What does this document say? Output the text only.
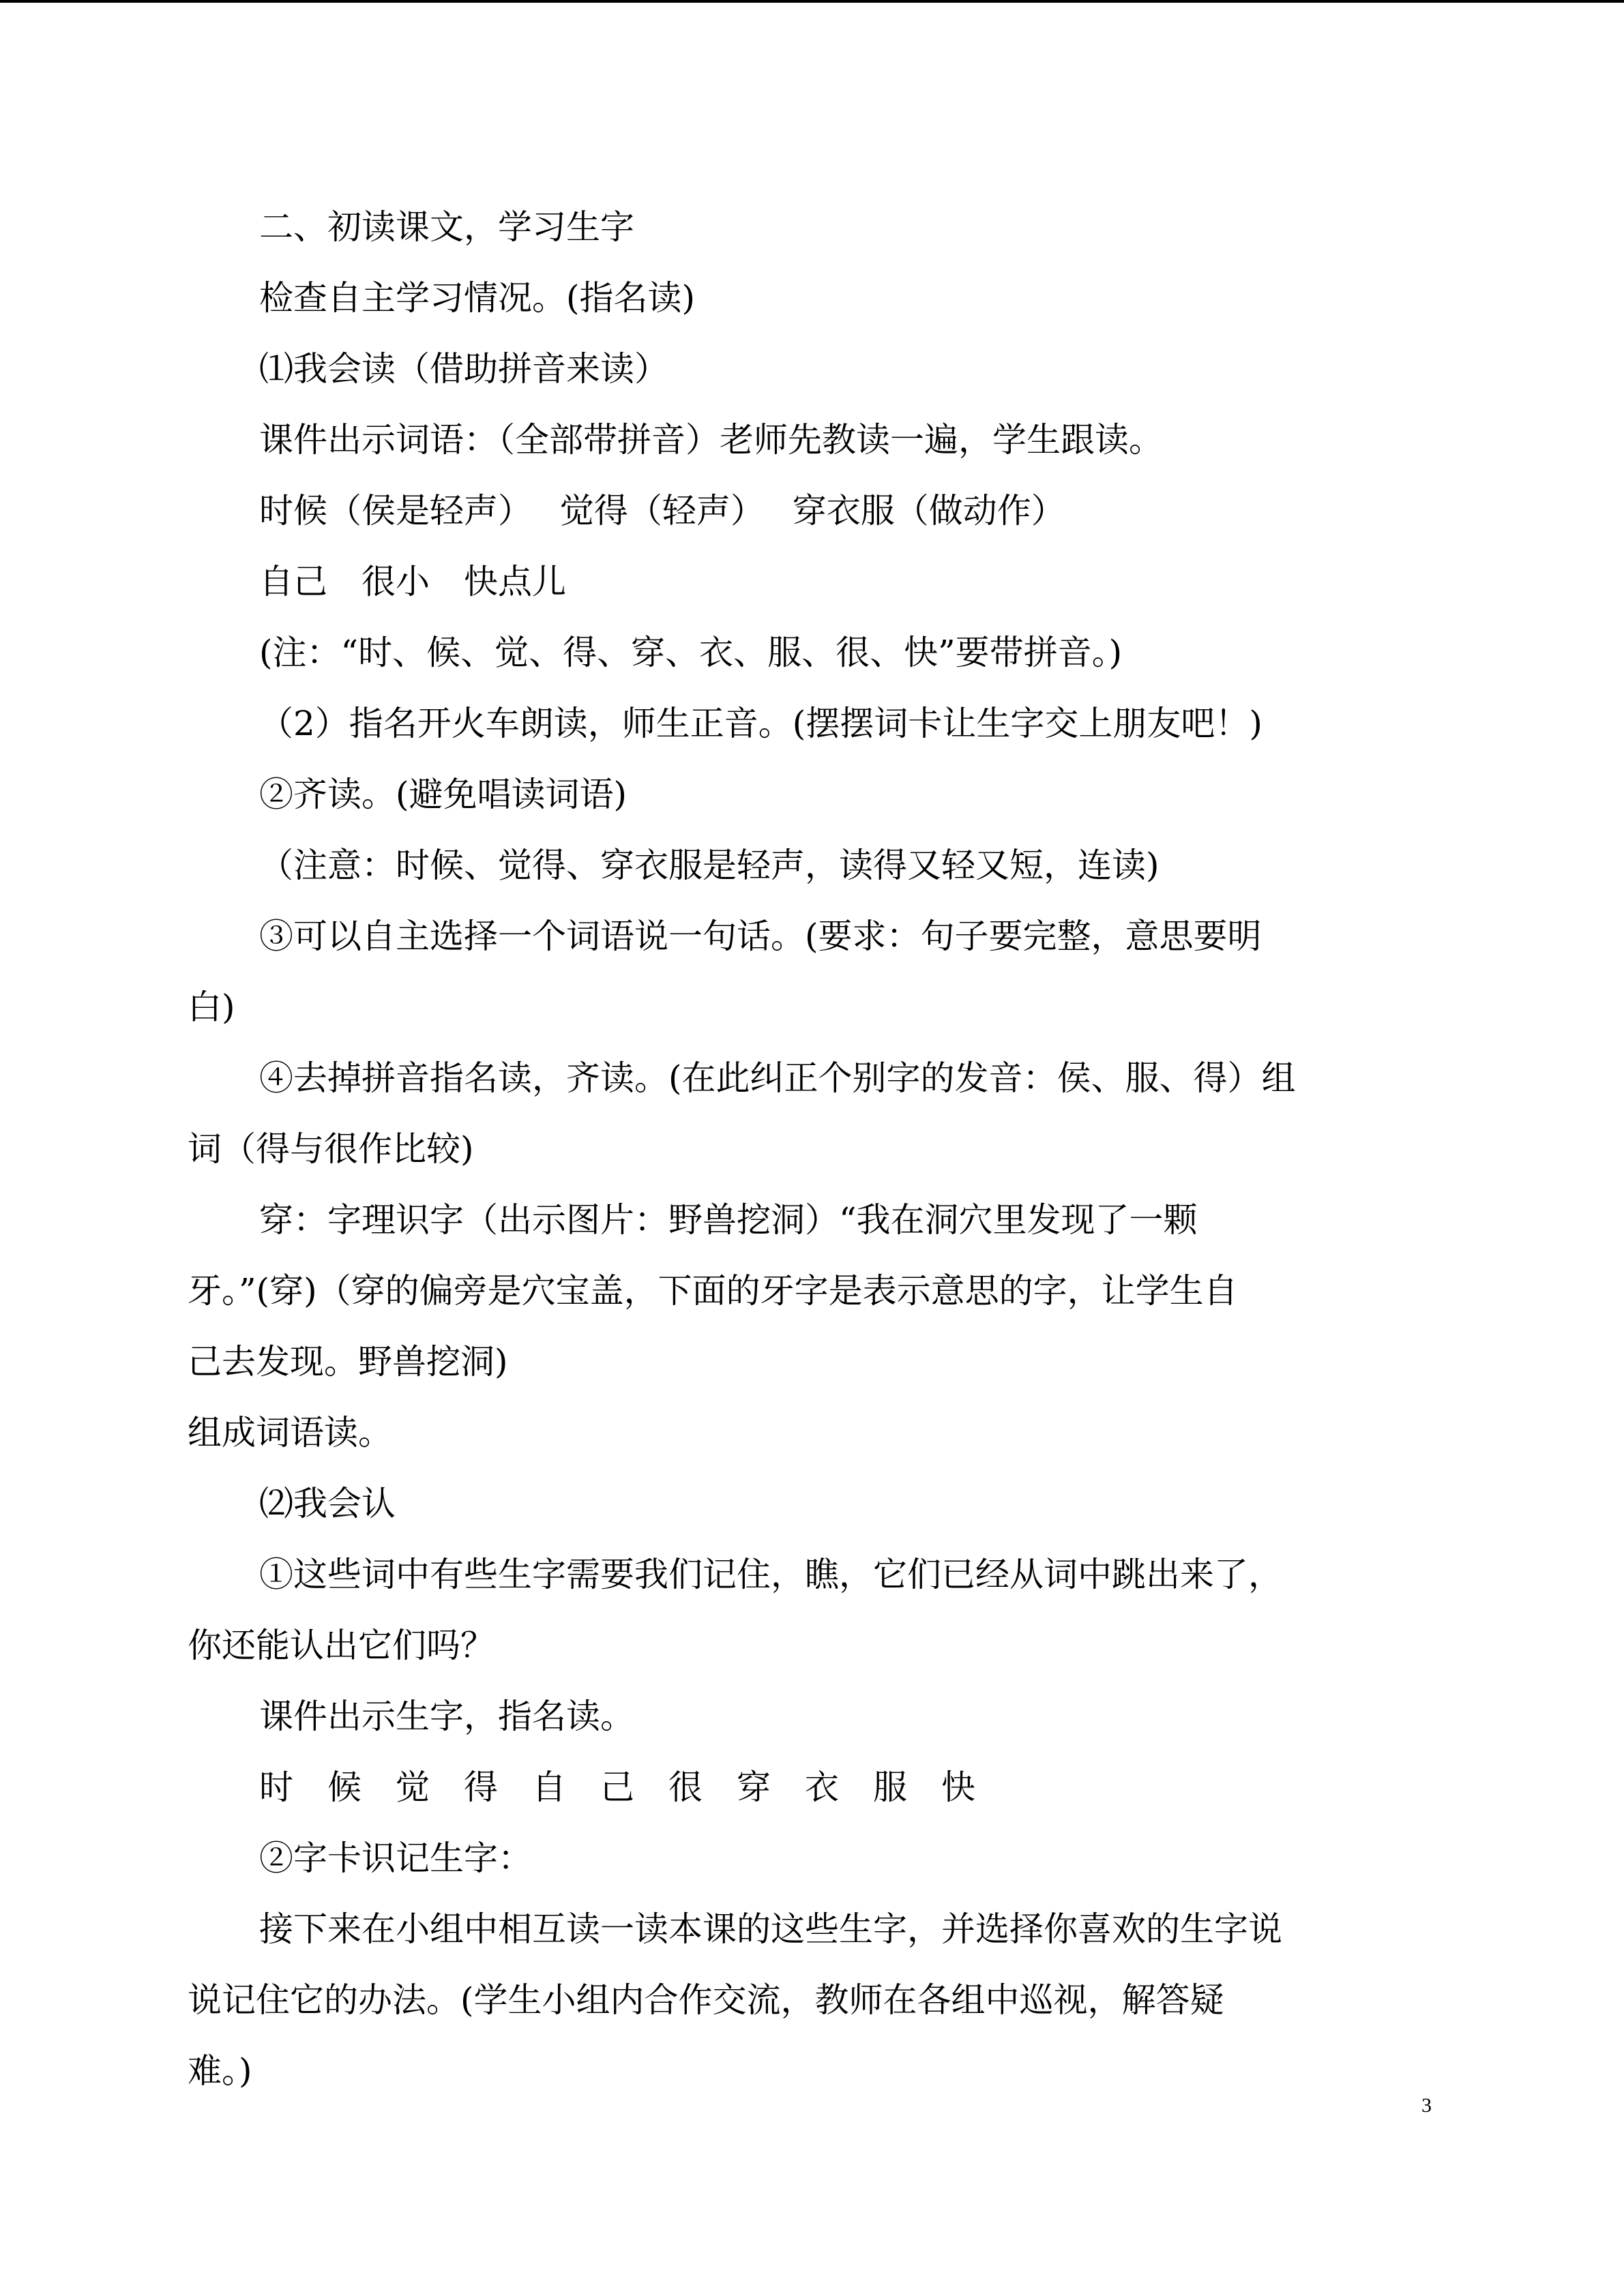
二、初读课文，学习生字
检查自主学习情况。(指名读)
⑴我会读（借助拼音来读）
课件出示词语：（全部带拼音）老师先教读一遍，学生跟读。
时候（侯是轻声）　 觉得（轻声）　 穿衣服（做动作）
自己　很小　快点儿
(注：“时、候、觉、得、穿、衣、服、很、快”要带拼音。)
（2）指名开火车朗读，师生正音。(摆摆词卡让生字交上朋友吧！)
②齐读。(避免唱读词语)
（注意：时候、觉得、穿衣服是轻声，读得又轻又短，连读)
③可以自主选择一个词语说一句话。(要求：句子要完整，意思要明
白)
④去掉拼音指名读，齐读。(在此纠正个别字的发音：侯、服、得）组
词（得与很作比较)
穿：字理识字（出示图片：野兽挖洞）“我在洞穴里发现了一颗
牙。”(穿)（穿的偏旁是穴宝盖，下面的牙字是表示意思的字，让学生自
己去发现。野兽挖洞)
组成词语读。
⑵我会认
①这些词中有些生字需要我们记住，瞧，它们已经从词中跳出来了，
你还能认出它们吗？
课件出示生字，指名读。
时　候　觉　得　自　己　很　穿　衣　服　快
②字卡识记生字：
接下来在小组中相互读一读本课的这些生字，并选择你喜欢的生字说
说记住它的办法。(学生小组内合作交流，教师在各组中巡视，解答疑
难。)
3
